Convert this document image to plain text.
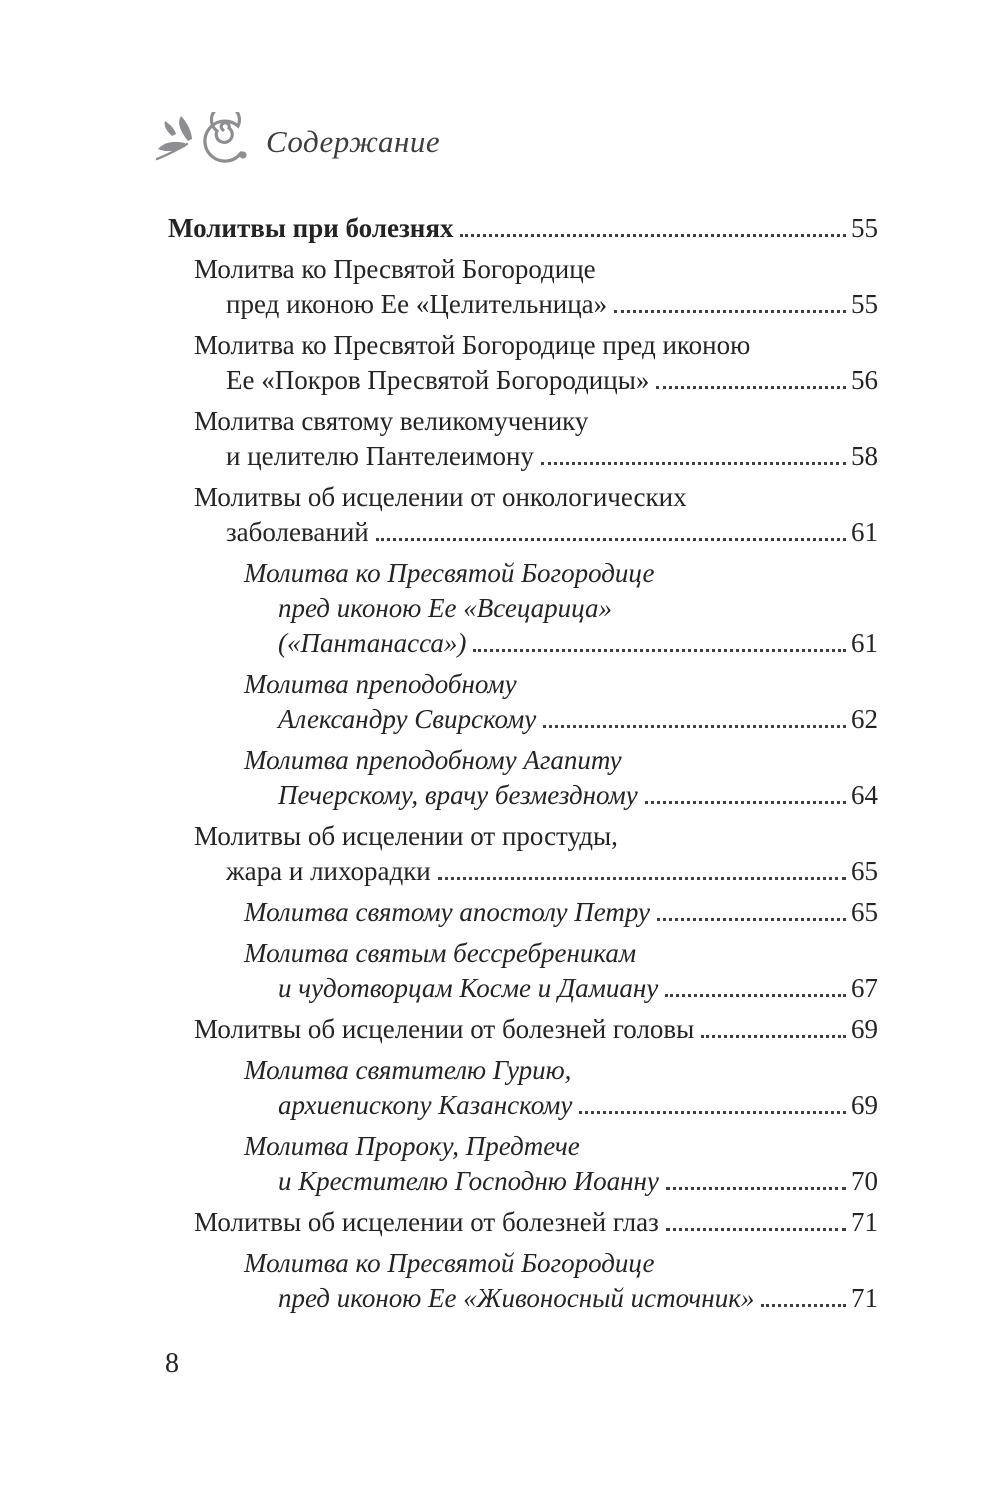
Содержание
Молитвы при болезнях	55
Молитва ко Пресвятой Богородице
пред иконою Ее «Целительница»	55
Молитва ко Пресвятой Богородице пред иконою
Ее «Покров Пресвятой Богородицы»	56
Молитва святому великомученику
и целителю Пантелеимону	58
Молитвы об исцелении от онкологических
заболеваний	61
Молитва ко Пресвятой Богородице
пред иконою Ее «Всецарица»
(«Пантанасса»)	61
Молитва преподобному
Александру Свирскому	62
Молитва преподобному Агапиту
Печерскому, врачу безмездному	64
Молитвы об исцелении от простуды,
жара и лихорадки	65
Молитва святому апостолу Петру	65
Молитва святым бессребреникам
и чудотворцам Косме и Дамиану	67
Молитвы об исцелении от болезней головы	69
Молитва святителю Гурию,
архиепископу Казанскому	69
Молитва Пророку, Предтече
и Крестителю Господню Иоанну	70
Молитвы об исцелении от болезней глаз	71
Молитва ко Пресвятой Богородице
пред иконою Ее «Живоносный источник»	71
8
